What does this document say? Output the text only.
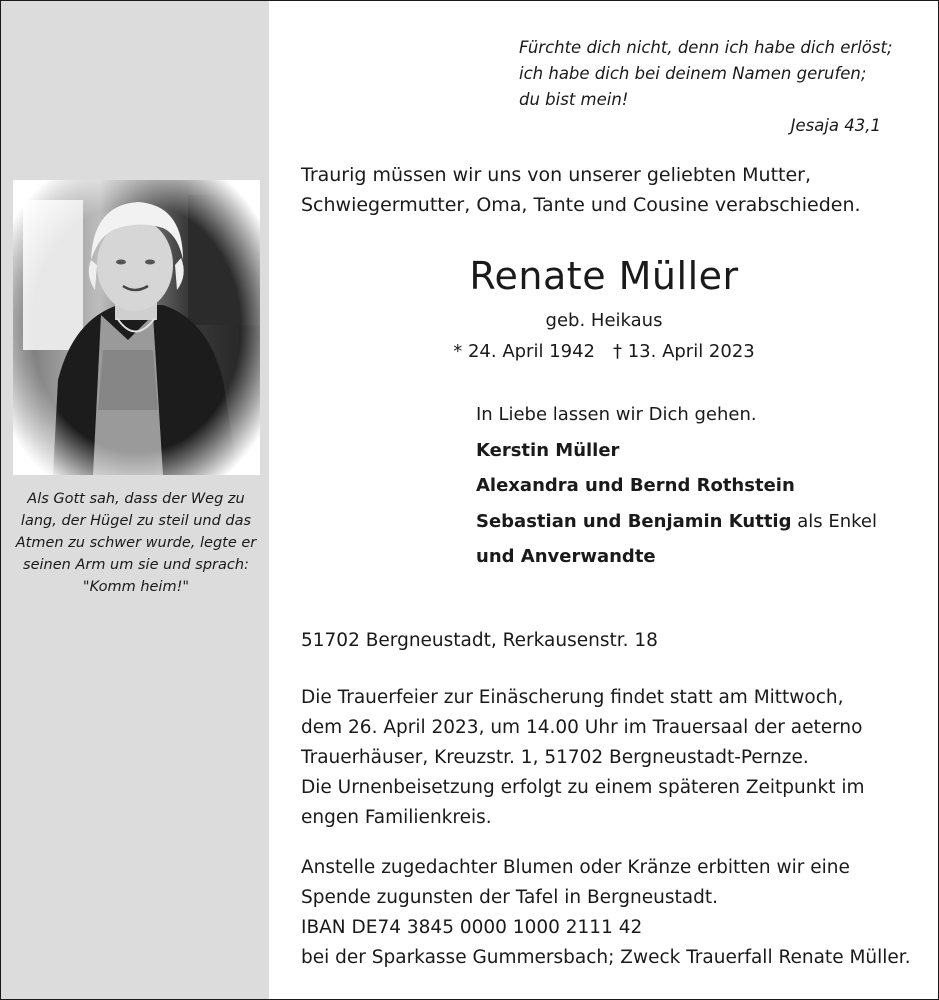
Als Gott sah, dass der Weg zu
lang, der Hügel zu steil und das
Atmen zu schwer wurde, legte er
seinen Arm um sie und sprach:
"Komm heim!"
Fürchte dich nicht, denn ich habe dich erlöst;
ich habe dich bei deinem Namen gerufen;
du bist mein!
Jesaja 43,1
Traurig müssen wir uns von unserer geliebten Mutter,
Schwiegermutter, Oma, Tante und Cousine verabschieden.
Renate Müller
geb. Heikaus
* 24. April 1942 † 13. April 2023
In Liebe lassen wir Dich gehen.
Kerstin Müller
Alexandra und Bernd Rothstein
Sebastian und Benjamin Kuttig als Enkel
und Anverwandte
51702 Bergneustadt, Rerkausenstr. 18
Die Trauerfeier zur Einäscherung findet statt am Mittwoch,
dem 26. April 2023, um 14.00 Uhr im Trauersaal der aeterno
Trauerhäuser, Kreuzstr. 1, 51702 Bergneustadt-Pernze.
Die Urnenbeisetzung erfolgt zu einem späteren Zeitpunkt im
engen Familienkreis.
Anstelle zugedachter Blumen oder Kränze erbitten wir eine
Spende zugunsten der Tafel in Bergneustadt.
IBAN DE74 3845 0000 1000 2111 42
bei der Sparkasse Gummersbach; Zweck Trauerfall Renate Müller.
